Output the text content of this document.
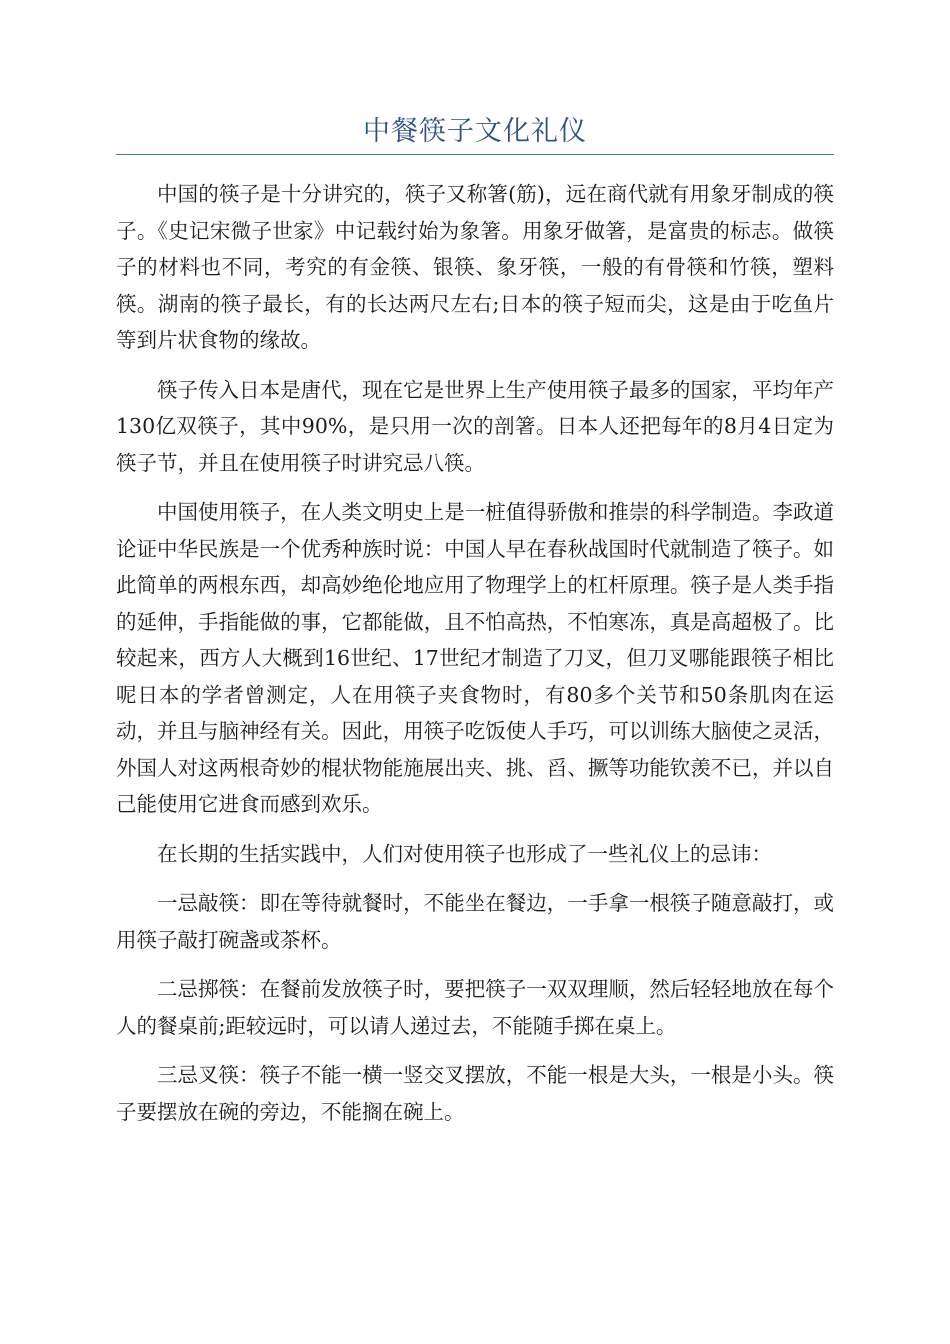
中餐筷子文化礼仪

中国的筷子是十分讲究的，筷子又称箸(筋)，远在商代就有用象牙制成的筷子。《史记宋微子世家》中记载纣始为象箸。用象牙做箸，是富贵的标志。做筷子的材料也不同，考究的有金筷、银筷、象牙筷，一般的有骨筷和竹筷，塑料筷。湖南的筷子最长，有的长达两尺左右;日本的筷子短而尖，这是由于吃鱼片等到片状食物的缘故。

筷子传入日本是唐代，现在它是世界上生产使用筷子最多的国家，平均年产130亿双筷子，其中90%，是只用一次的剖箸。日本人还把每年的8月4日定为筷子节，并且在使用筷子时讲究忌八筷。

中国使用筷子，在人类文明史上是一桩值得骄傲和推崇的科学制造。李政道论证中华民族是一个优秀种族时说：中国人早在春秋战国时代就制造了筷子。如此简单的两根东西，却高妙绝伦地应用了物理学上的杠杆原理。筷子是人类手指的延伸，手指能做的事，它都能做，且不怕高热，不怕寒冻，真是高超极了。比较起来，西方人大概到16世纪、17世纪才制造了刀叉，但刀叉哪能跟筷子相比呢日本的学者曾测定，人在用筷子夹食物时，有80多个关节和50条肌肉在运动，并且与脑神经有关。因此，用筷子吃饭使人手巧，可以训练大脑使之灵活，外国人对这两根奇妙的棍状物能施展出夹、挑、舀、撅等功能钦羡不已，并以自己能使用它进食而感到欢乐。

在长期的生括实践中，人们对使用筷子也形成了一些礼仪上的忌讳：

一忌敲筷：即在等待就餐时，不能坐在餐边，一手拿一根筷子随意敲打，或用筷子敲打碗盏或茶杯。

二忌掷筷：在餐前发放筷子时，要把筷子一双双理顺，然后轻轻地放在每个人的餐桌前;距较远时，可以请人递过去，不能随手掷在桌上。

三忌叉筷：筷子不能一横一竖交叉摆放，不能一根是大头，一根是小头。筷子要摆放在碗的旁边，不能搁在碗上。
